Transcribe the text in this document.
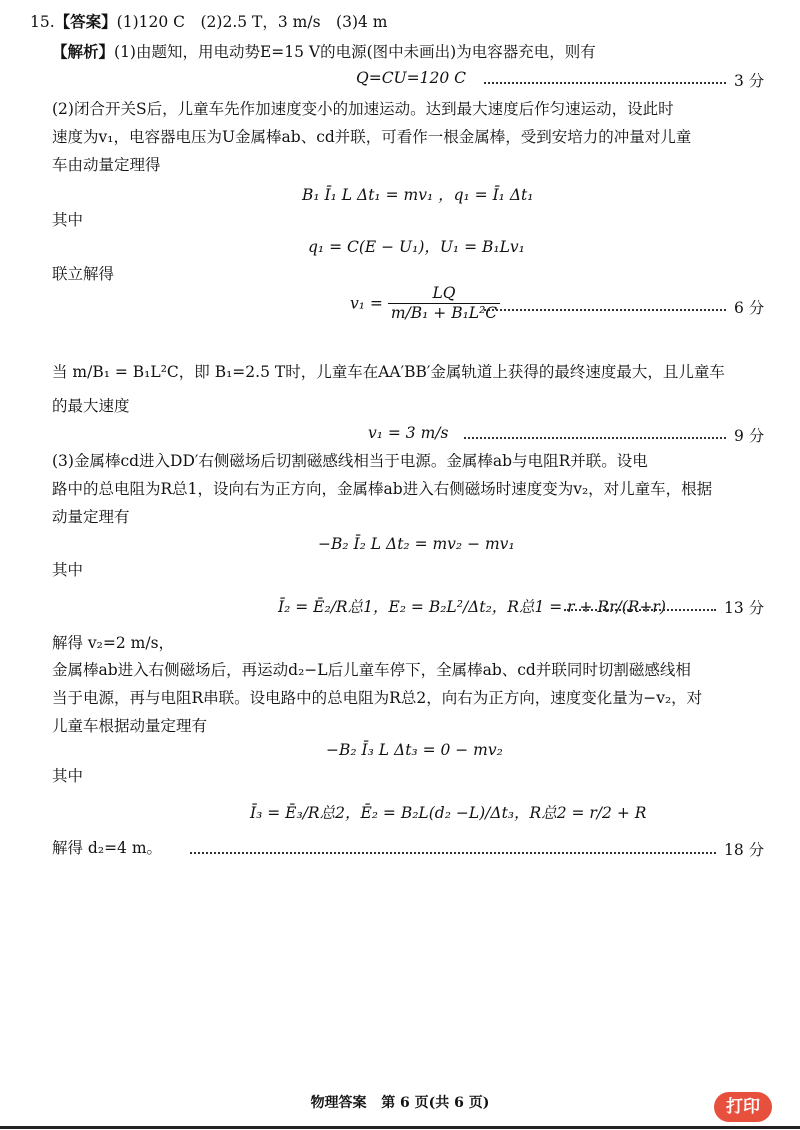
15.【答案】(1)120 C　(2)2.5 T，3 m/s　(3)4 m
【解析】(1)由题知，用电动势E=15 V的电源(图中未画出)为电容器充电，则有
Q=CU=120 C	3 分
(2)闭合开关S后，儿童车先作加速度变小的加速运动。达到最大速度后作匀速运动，设此时
速度为v₁，电容器电压为U金属棒ab、cd并联，可看作一根金属棒，受到安培力的冲量对儿童
车由动量定理得
B₁ Ī₁ L Δt₁ = mv₁ ，q₁ = Ī₁ Δt₁
其中
q₁ = C(E − U₁)，U₁ = B₁Lv₁
联立解得
$v_1 = \frac{LQ}{\text{m/B₁ + B₁L²C}}$	6 分
当 m/B₁ = B₁L²C，即 B₁=2.5 T时，儿童车在AA′BB′金属轨道上获得的最终速度最大，且儿童车
的最大速度
v₁ = 3 m/s	9 分
(3)金属棒cd进入DD′右侧磁场后切割磁感线相当于电源。金属棒ab与电阻R并联。设电
路中的总电阻为R总1，设向右为正方向，金属棒ab进入右侧磁场时速度变为v₂，对儿童车，根据
动量定理有
−B₂ Ī₂ L Δt₂ = mv₂ − mv₁
其中
Ī₂ = Ē₂/R总1，E₂ = B₂L²/Δt₂，R总1 = r + Rr/(R+r)	13 分
解得 v₂=2 m/s，
金属棒ab进入右侧磁场后，再运动d₂−L后儿童车停下，全属棒ab、cd并联同时切割磁感线相
当于电源，再与电阻R串联。设电路中的总电阻为R总2，向右为正方向，速度变化量为−v₂，对
儿童车根据动量定理有
−B₂ Ī₃ L Δt₃ = 0 − mv₂
其中
Ī₃ = Ē₃/R总2，Ē₂ = B₂L(d₂ −L)/Δt₃，R总2 = r/2 + R
解得 d₂=4 m。	18 分
物理答案 第 6 页(共 6 页)	打印
